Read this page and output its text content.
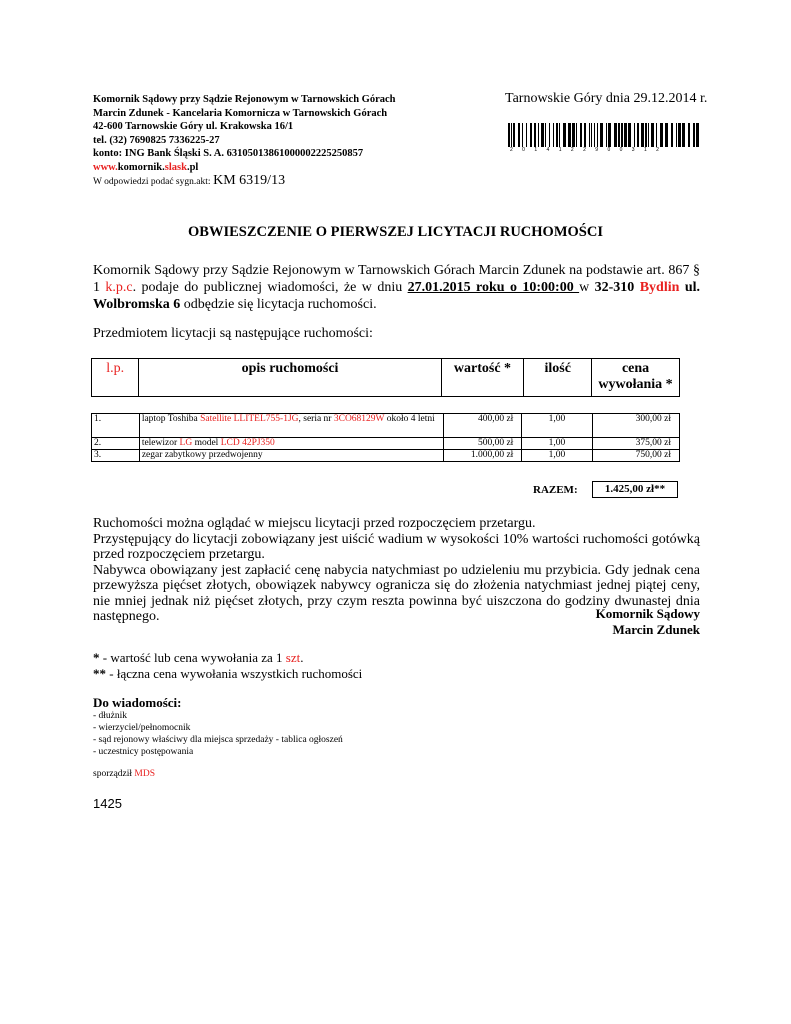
Komornik Sądowy przy Sądzie Rejonowym w Tarnowskich Górach
Marcin Zdunek - Kancelaria Komornicza w Tarnowskich Górach
42-600 Tarnowskie Góry ul. Krakowska 16/1
tel. (32) 7690825 7336225-27
konto: ING Bank Śląski S. A. 63105013861000002225250857
www.komornik.slask.pl
W odpowiedzi podać sygn.akt: KM 6319/13
Tarnowskie Góry dnia 29.12.2014 r.
2014122900312
OBWIESZCZENIE O PIERWSZEJ LICYTACJI RUCHOMOŚCI
Komornik Sądowy przy Sądzie Rejonowym w Tarnowskich Górach Marcin Zdunek na podstawie art. 867 § 1 k.p.c. podaje do publicznej wiadomości, że w dniu 27.01.2015 roku o 10:00:00 w 32-310 Bydlin ul. Wolbromska 6 odbędzie się licytacja ruchomości.
Przedmiotem licytacji są następujące ruchomości:
l.p.	opis ruchomości	wartość *	ilość	cena wywołania *
1.	laptop Toshiba Satellite LLITEL755-1JG, seria nr 3CO68129W około 4 letni	400,00 zł	1,00	300,00 zł
2.	telewizor LG model LCD 42PJ350	500,00 zł	1,00	375,00 zł
3.	zegar zabytkowy przedwojenny	1.000,00 zł	1,00	750,00 zł
RAZEM:	1.425,00 zł**
Ruchomości można oglądać w miejscu licytacji przed rozpoczęciem przetargu.
Przystępujący do licytacji zobowiązany jest uiścić wadium w wysokości 10% wartości ruchomości gotówką przed rozpoczęciem przetargu.
Nabywca obowiązany jest zapłacić cenę nabycia natychmiast po udzieleniu mu przybicia. Gdy jednak cena przewyższa pięćset złotych, obowiązek nabywcy ogranicza się do złożenia natychmiast jednej piątej ceny, nie mniej jednak niż pięćset złotych, przy czym reszta powinna być uiszczona do godziny dwunastej dnia następnego.	Komornik Sądowy
Marcin Zdunek
* - wartość lub cena wywołania za 1 szt.
** - łączna cena wywołania wszystkich ruchomości
Do wiadomości:
- dłużnik
- wierzyciel/pełnomocnik
- sąd rejonowy właściwy dla miejsca sprzedaży - tablica ogłoszeń
- uczestnicy postępowania
sporządził MDS
1425
